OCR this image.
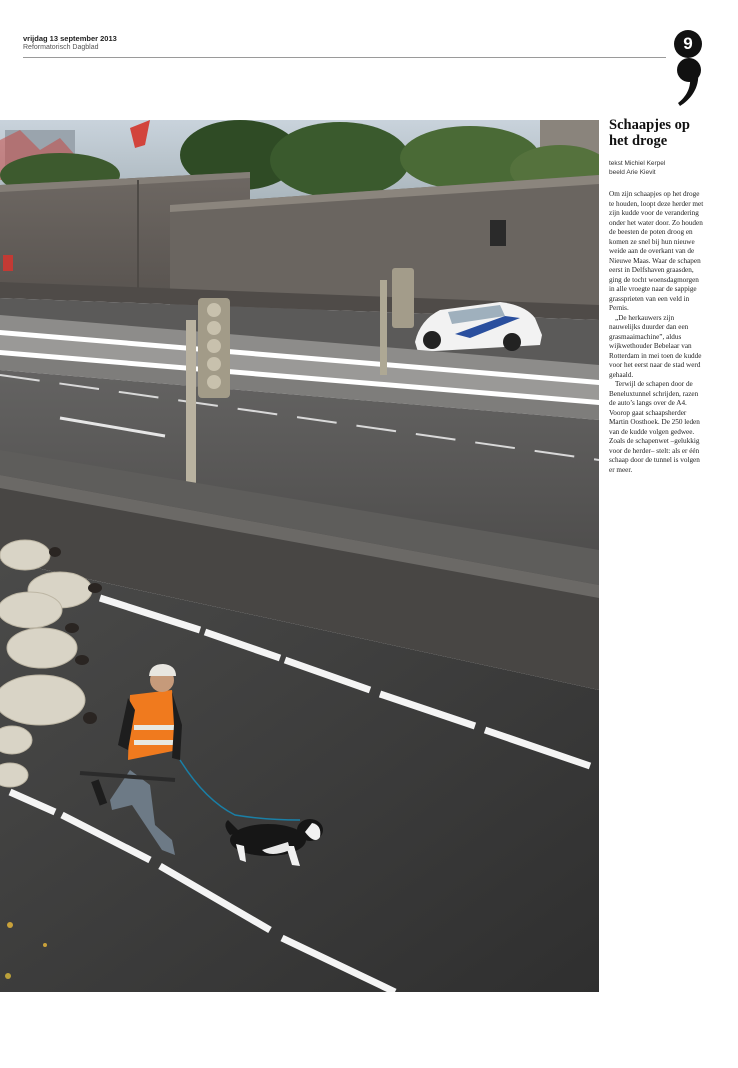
vrijdag 13 september 2013
Reformatorisch Dagblad	9
Schaapjes op het droge
tekst Michiel Kerpel
beeld Arie Kievit

Om zijn schaapjes op het droge te houden, loopt deze herder met zijn kudde voor de verandering onder het water door. Zo houden de beesten de poten droog en komen ze snel bij hun nieuwe weide aan de overkant van de Nieuwe Maas. Waar de schapen eerst in Delfshaven graasden, ging de tocht woensdagmorgen in alle vroegte naar de sappige grassprieten van een veld in Pernis.

„De herkauwers zijn nauwelijks duurder dan een grasmaaimachine”, aldus wijkwethouder Bebelaar van Rotterdam in mei toen de kudde voor het eerst naar de stad werd gehaald.

Terwijl de schapen door de Beneluxtunnel schrijden, razen de auto’s langs over de A4. Voorop gaat schaapsherder Martin Oosthoek. De 250 leden van de kudde volgen gedwee. Zoals de schapenwet –gelukkig voor de herder– stelt: als er één schaap door de tunnel is volgen er meer.
